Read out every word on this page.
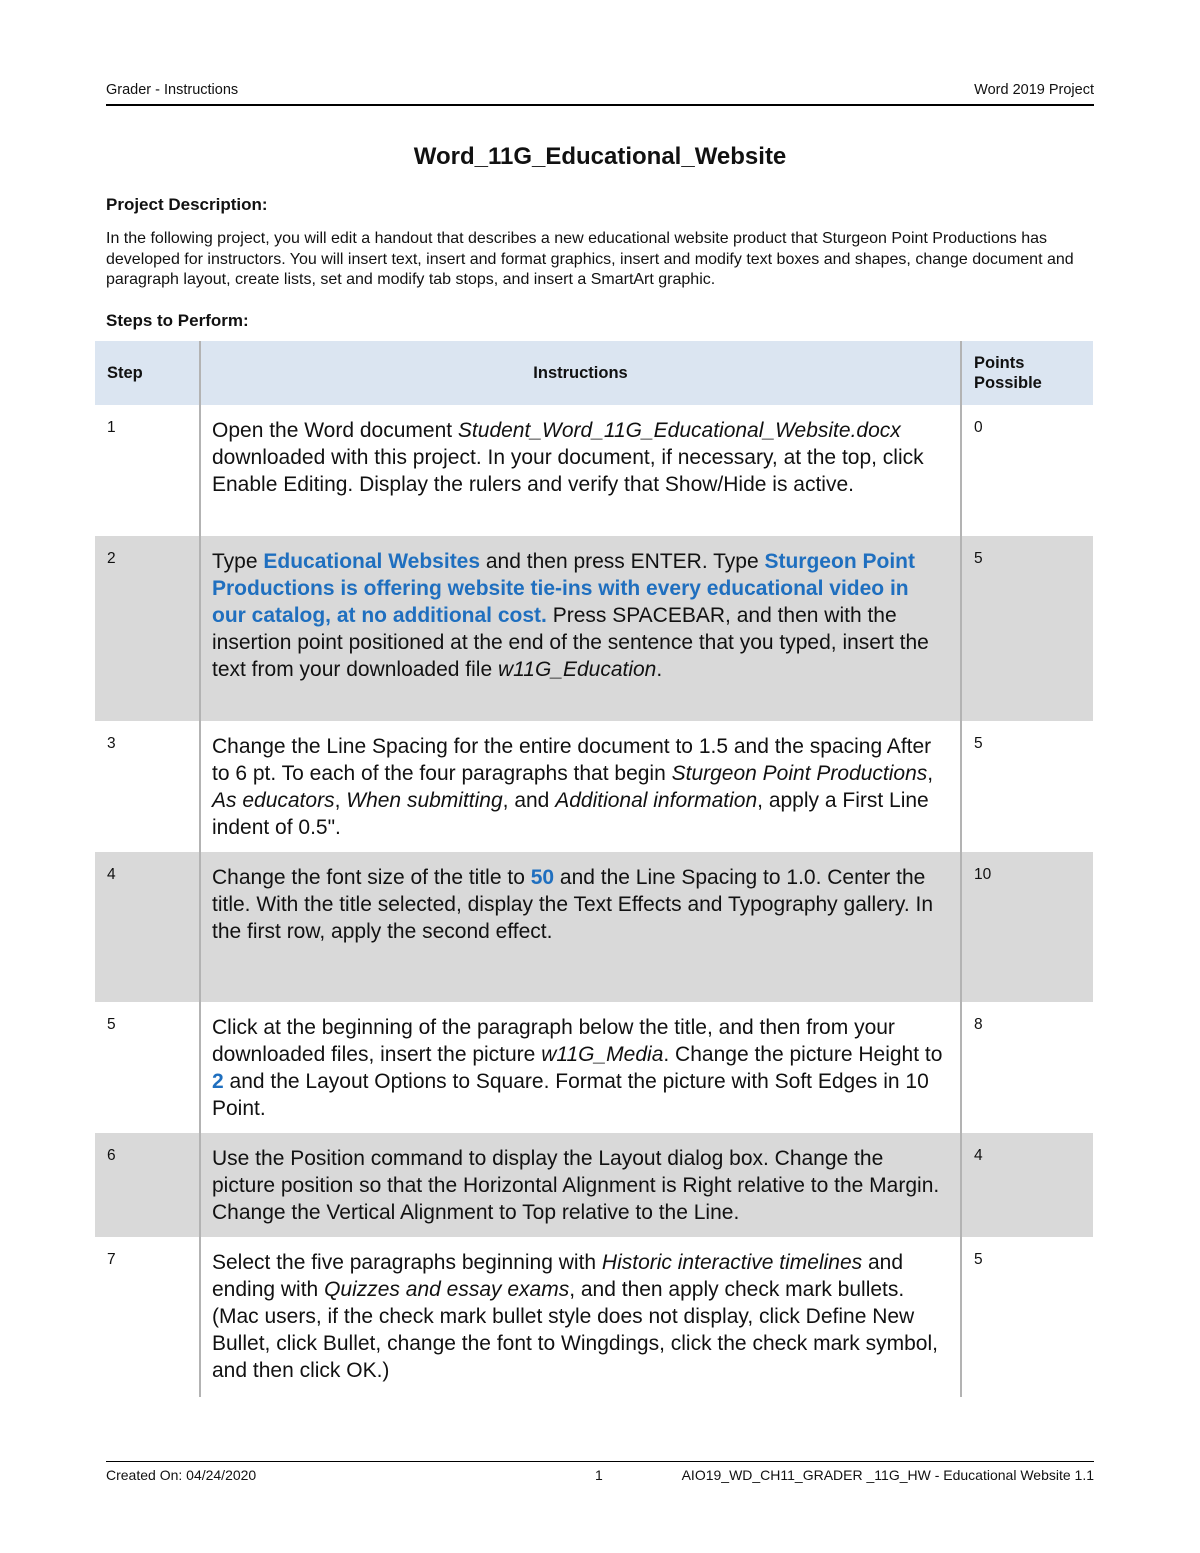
Grader - Instructions	Word 2019 Project
Word_11G_Educational_Website
Project Description:
In the following project, you will edit a handout that describes a new educational website product that Sturgeon Point Productions has developed for instructors. You will insert text, insert and format graphics, insert and modify text boxes and shapes, change document and paragraph layout, create lists, set and modify tab stops, and insert a SmartArt graphic.
Steps to Perform:
Step	Instructions	Points
Possible
1	Open the Word document Student_Word_11G_Educational_Website.docx downloaded with this project. In your document, if necessary, at the top, click Enable Editing. Display the rulers and verify that Show/Hide is active.	0
2	Type Educational Websites and then press ENTER. Type Sturgeon Point Productions is offering website tie-ins with every educational video in our catalog, at no additional cost. Press SPACEBAR, and then with the insertion point positioned at the end of the sentence that you typed, insert the text from your downloaded file w11G_Education.	5
3	Change the Line Spacing for the entire document to 1.5 and the spacing After to 6 pt. To each of the four paragraphs that begin Sturgeon Point Productions, As educators, When submitting, and Additional information, apply a First Line indent of 0.5".	5
4	Change the font size of the title to 50 and the Line Spacing to 1.0. Center the title. With the title selected, display the Text Effects and Typography gallery. In the first row, apply the second effect.	10
5	Click at the beginning of the paragraph below the title, and then from your downloaded files, insert the picture w11G_Media. Change the picture Height to 2 and the Layout Options to Square. Format the picture with Soft Edges in 10 Point.	8
6	Use the Position command to display the Layout dialog box. Change the picture position so that the Horizontal Alignment is Right relative to the Margin. Change the Vertical Alignment to Top relative to the Line.	4
7	Select the five paragraphs beginning with Historic interactive timelines and ending with Quizzes and essay exams, and then apply check mark bullets. (Mac users, if the check mark bullet style does not display, click Define New Bullet, click Bullet, change the font to Wingdings, click the check mark symbol, and then click OK.)	5
Created On: 04/24/2020	1	AIO19_WD_CH11_GRADER _11G_HW - Educational Website 1.1
